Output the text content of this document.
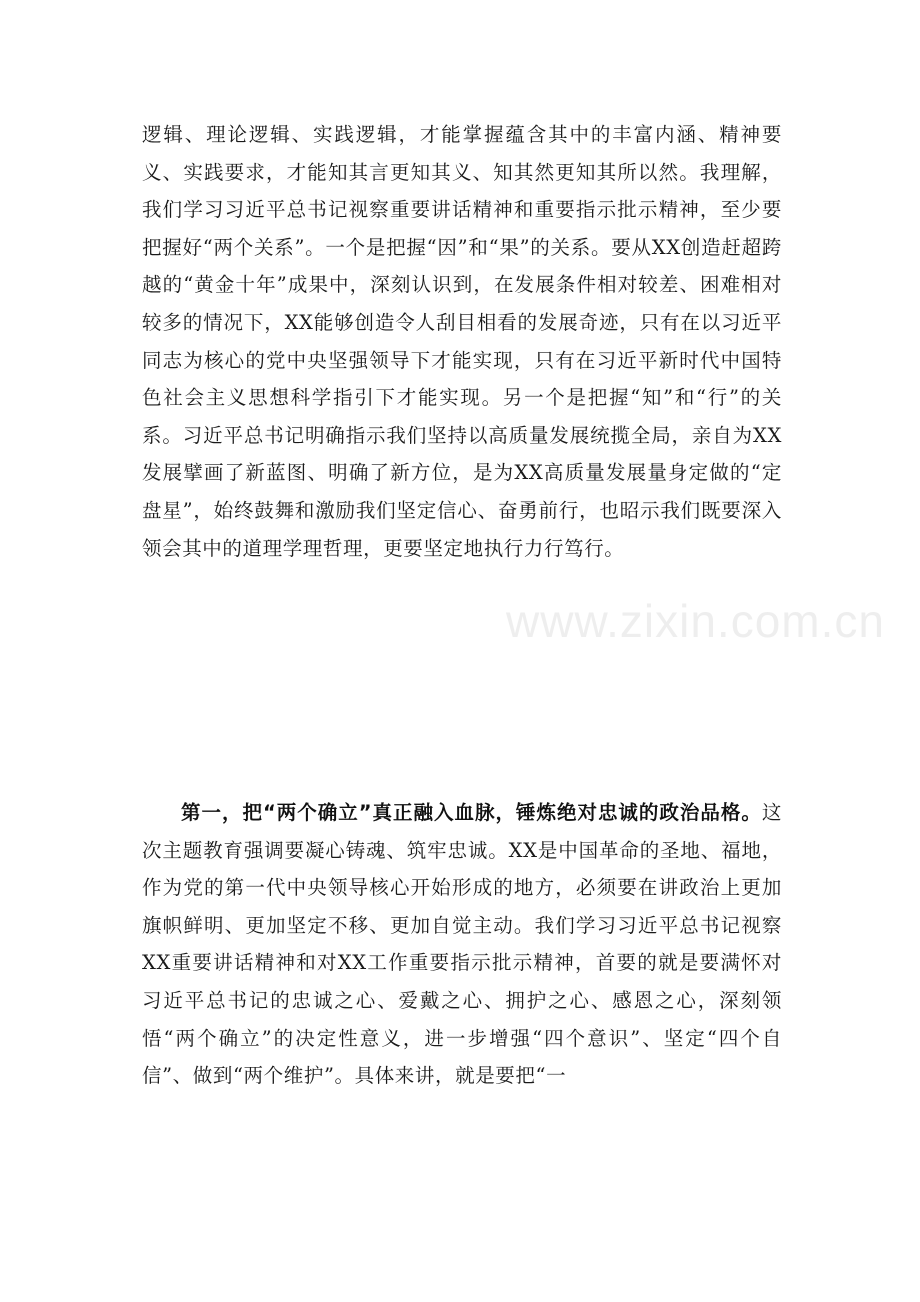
逻辑、理论逻辑、实践逻辑，才能掌握蕴含其中的丰富内涵、精神要义、实践要求，才能知其言更知其义、知其然更知其所以然。我理解，我们学习习近平总书记视察重要讲话精神和重要指示批示精神，至少要把握好“两个关系”。一个是把握“因”和“果”的关系。要从XX创造赶超跨越的“黄金十年”成果中，深刻认识到，在发展条件相对较差、困难相对较多的情况下，XX能够创造令人刮目相看的发展奇迹，只有在以习近平同志为核心的党中央坚强领导下才能实现，只有在习近平新时代中国特色社会主义思想科学指引下才能实现。另一个是把握“知”和“行”的关系。习近平总书记明确指示我们坚持以高质量发展统揽全局，亲自为XX发展擘画了新蓝图、明确了新方位，是为XX高质量发展量身定做的“定盘星”，始终鼓舞和激励我们坚定信心、奋勇前行，也昭示我们既要深入领会其中的道理学理哲理，更要坚定地执行力行笃行。

第一，把“两个确立”真正融入血脉，锤炼绝对忠诚的政治品格。这次主题教育强调要凝心铸魂、筑牢忠诚。XX是中国革命的圣地、福地，作为党的第一代中央领导核心开始形成的地方，必须要在讲政治上更加旗帜鲜明、更加坚定不移、更加自觉主动。我们学习习近平总书记视察XX重要讲话精神和对XX工作重要指示批示精神，首要的就是要满怀对习近平总书记的忠诚之心、爱戴之心、拥护之心、感恩之心，深刻领悟“两个确立”的决定性意义，进一步增强“四个意识”、坚定“四个自信”、做到“两个维护”。具体来讲，就是要把“一

www.zixin.com.cn
